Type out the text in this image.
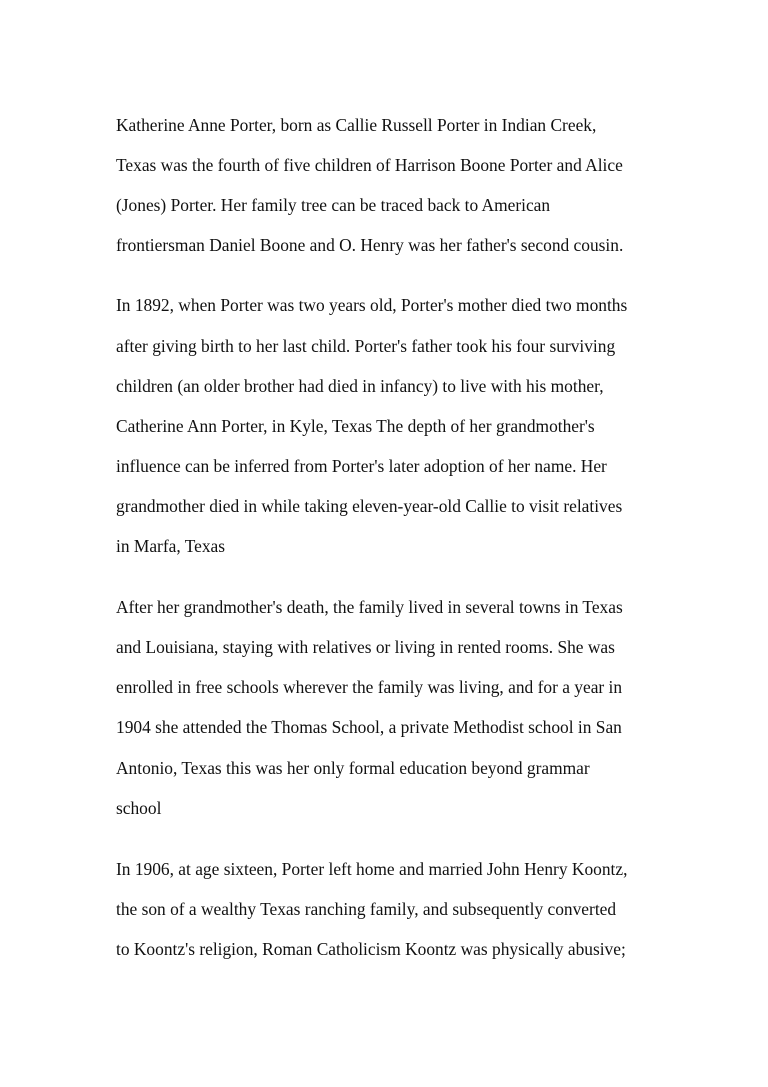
Katherine Anne Porter, born as Callie Russell Porter in Indian Creek,
Texas was the fourth of five children of Harrison Boone Porter and Alice
(Jones) Porter. Her family tree can be traced back to American
frontiersman Daniel Boone and O. Henry was her father's second cousin.
In 1892, when Porter was two years old, Porter's mother died two months
after giving birth to her last child. Porter's father took his four surviving
children (an older brother had died in infancy) to live with his mother,
Catherine Ann Porter, in Kyle, Texas The depth of her grandmother's
influence can be inferred from Porter's later adoption of her name. Her
grandmother died in while taking eleven-year-old Callie to visit relatives
in Marfa, Texas
After her grandmother's death, the family lived in several towns in Texas
and Louisiana, staying with relatives or living in rented rooms. She was
enrolled in free schools wherever the family was living, and for a year in
1904 she attended the Thomas School, a private Methodist school in San
Antonio, Texas this was her only formal education beyond grammar
school
In 1906, at age sixteen, Porter left home and married John Henry Koontz,
the son of a wealthy Texas ranching family, and subsequently converted
to Koontz's religion, Roman Catholicism Koontz was physically abusive;
